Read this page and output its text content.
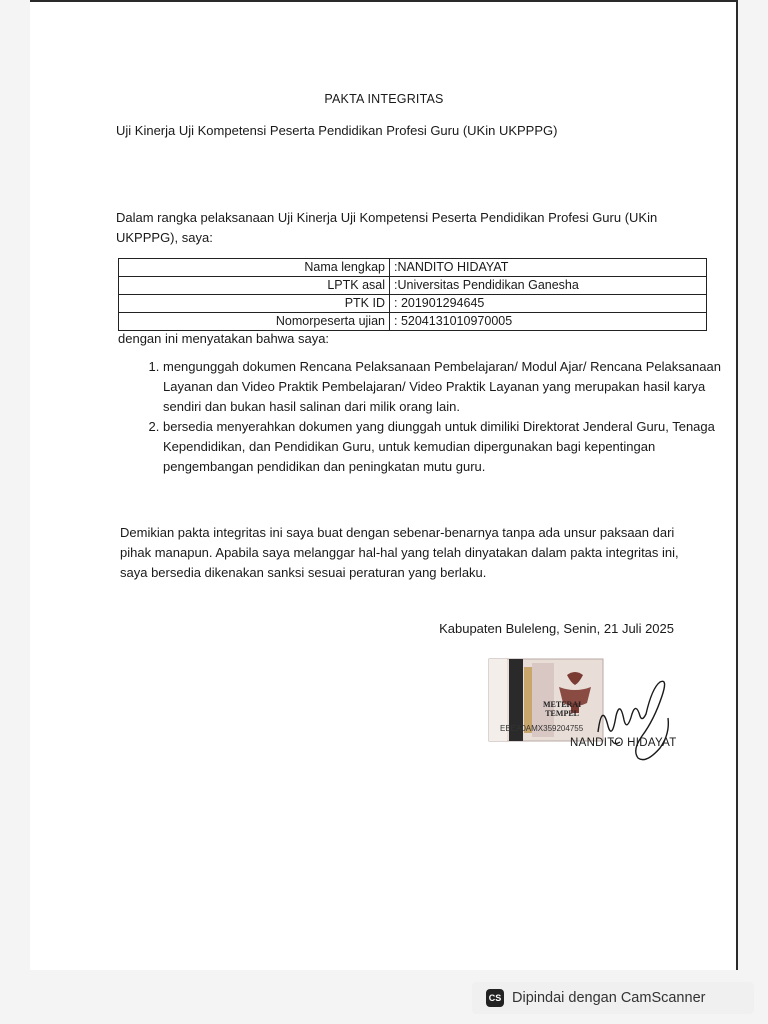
PAKTA INTEGRITAS
Uji Kinerja Uji Kompetensi Peserta Pendidikan Profesi Guru (UKin UKPPPG)
Dalam rangka pelaksanaan Uji Kinerja Uji Kompetensi Peserta Pendidikan Profesi Guru (UKin UKPPPG), saya:
Nama lengkap	:NANDITO HIDAYAT
LPTK asal	:Universitas Pendidikan Ganesha
PTK ID	: 201901294645
Nomorpeserta ujian	: 5204131010970005
dengan ini menyatakan bahwa saya:
1. mengunggah dokumen Rencana Pelaksanaan Pembelajaran/ Modul Ajar/ Rencana Pelaksanaan Layanan dan Video Praktik Pembelajaran/ Video Praktik Layanan yang merupakan hasil karya sendiri dan bukan hasil salinan dari milik orang lain.
2. bersedia menyerahkan dokumen yang diunggah untuk dimiliki Direktorat Jenderal Guru, Tenaga Kependidikan, dan Pendidikan Guru, untuk kemudian dipergunakan bagi kepentingan pengembangan pendidikan dan peningkatan mutu guru.
Demikian pakta integritas ini saya buat dengan sebenar-benarnya tanpa ada unsur paksaan dari pihak manapun. Apabila saya melanggar hal-hal yang telah dinyatakan dalam pakta integritas ini, saya bersedia dikenakan sanksi sesuai peraturan yang berlaku.
Kabupaten Buleleng, Senin, 21 Juli 2025
METERAI
TEMPEL
EBEA0AMX359204755
NANDITO HIDAYAT
CS Dipindai dengan CamScanner
